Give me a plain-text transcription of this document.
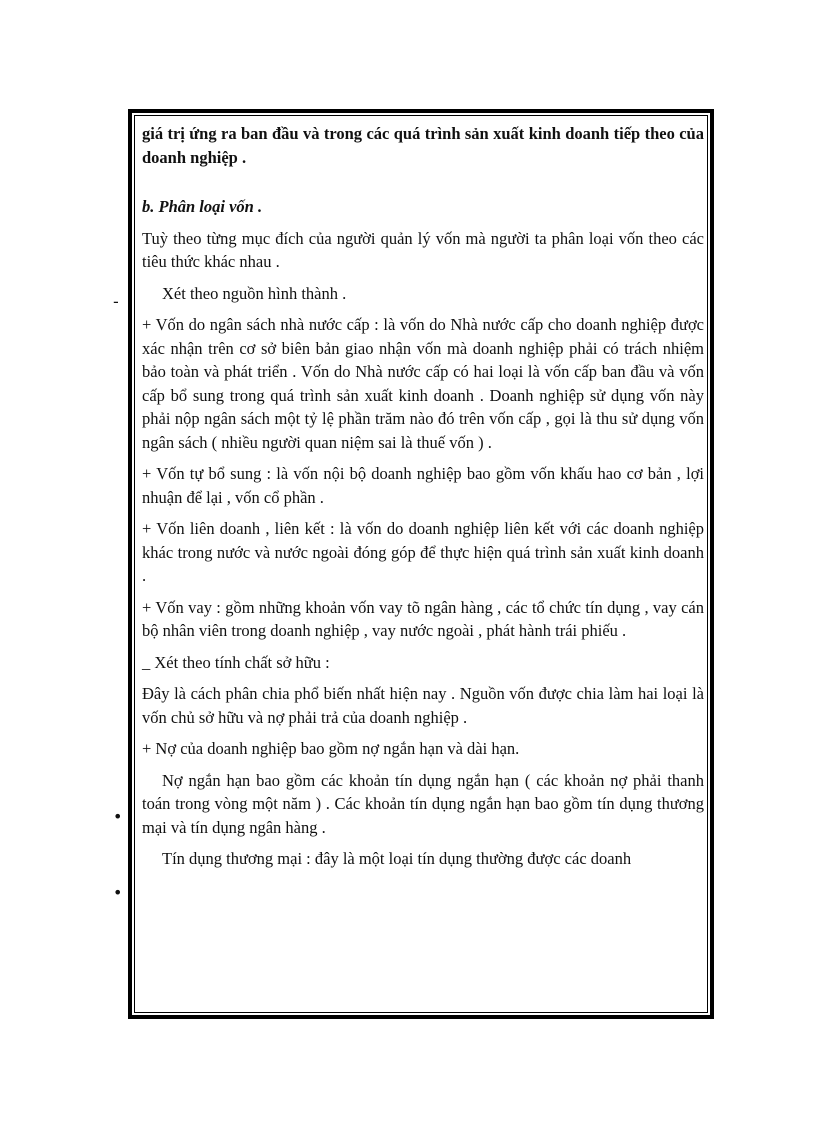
-
•
•

giá trị ứng ra ban đầu và trong các quá trình sản xuất kinh doanh tiếp theo của doanh nghiệp .

b. Phân loại vốn .

Tuỳ theo từng mục đích của người quản lý vốn mà người ta phân loại vốn theo các tiêu thức khác nhau .

Xét theo nguồn hình thành .

+ Vốn do ngân sách nhà nước cấp : là vốn do Nhà nước cấp cho doanh nghiệp được xác nhận trên cơ sở biên bản giao nhận vốn mà doanh nghiệp phải có trách nhiệm bảo toàn và phát triển . Vốn do Nhà nước cấp có hai loại là vốn cấp ban đầu và vốn cấp bổ sung trong quá trình sản xuất kinh doanh . Doanh nghiệp sử dụng vốn này phải nộp ngân sách một tỷ lệ phần trăm nào đó trên vốn cấp , gọi là thu sử dụng vốn ngân sách ( nhiều người quan niệm sai là thuế vốn ) .

+ Vốn tự bổ sung : là vốn nội bộ doanh nghiệp bao gồm vốn khấu hao cơ bản , lợi nhuận để lại , vốn cổ phần .

+ Vốn liên doanh , liên kết : là vốn do doanh nghiệp liên kết với các doanh nghiệp khác trong nước và nước ngoài đóng góp để thực hiện quá trình sản xuất kinh doanh .

+ Vốn vay : gồm những khoản vốn vay tõ ngân hàng , các tổ chức tín dụng , vay cán bộ nhân viên trong doanh nghiệp , vay nước ngoài , phát hành trái phiếu .

_ Xét theo tính chất sở hữu :

Đây là cách phân chia phổ biến nhất hiện nay . Nguồn vốn được chia làm hai loại là vốn chủ sở hữu và nợ phải trả của doanh nghiệp .

+ Nợ của doanh nghiệp bao gồm nợ ngắn hạn và dài hạn.

Nợ ngắn hạn bao gồm các khoản tín dụng ngắn hạn ( các khoản nợ phải thanh toán trong vòng một năm ) . Các khoản tín dụng ngắn hạn bao gồm tín dụng thương mại và tín dụng ngân hàng .

Tín dụng thương mại : đây là một loại tín dụng thường được các doanh
